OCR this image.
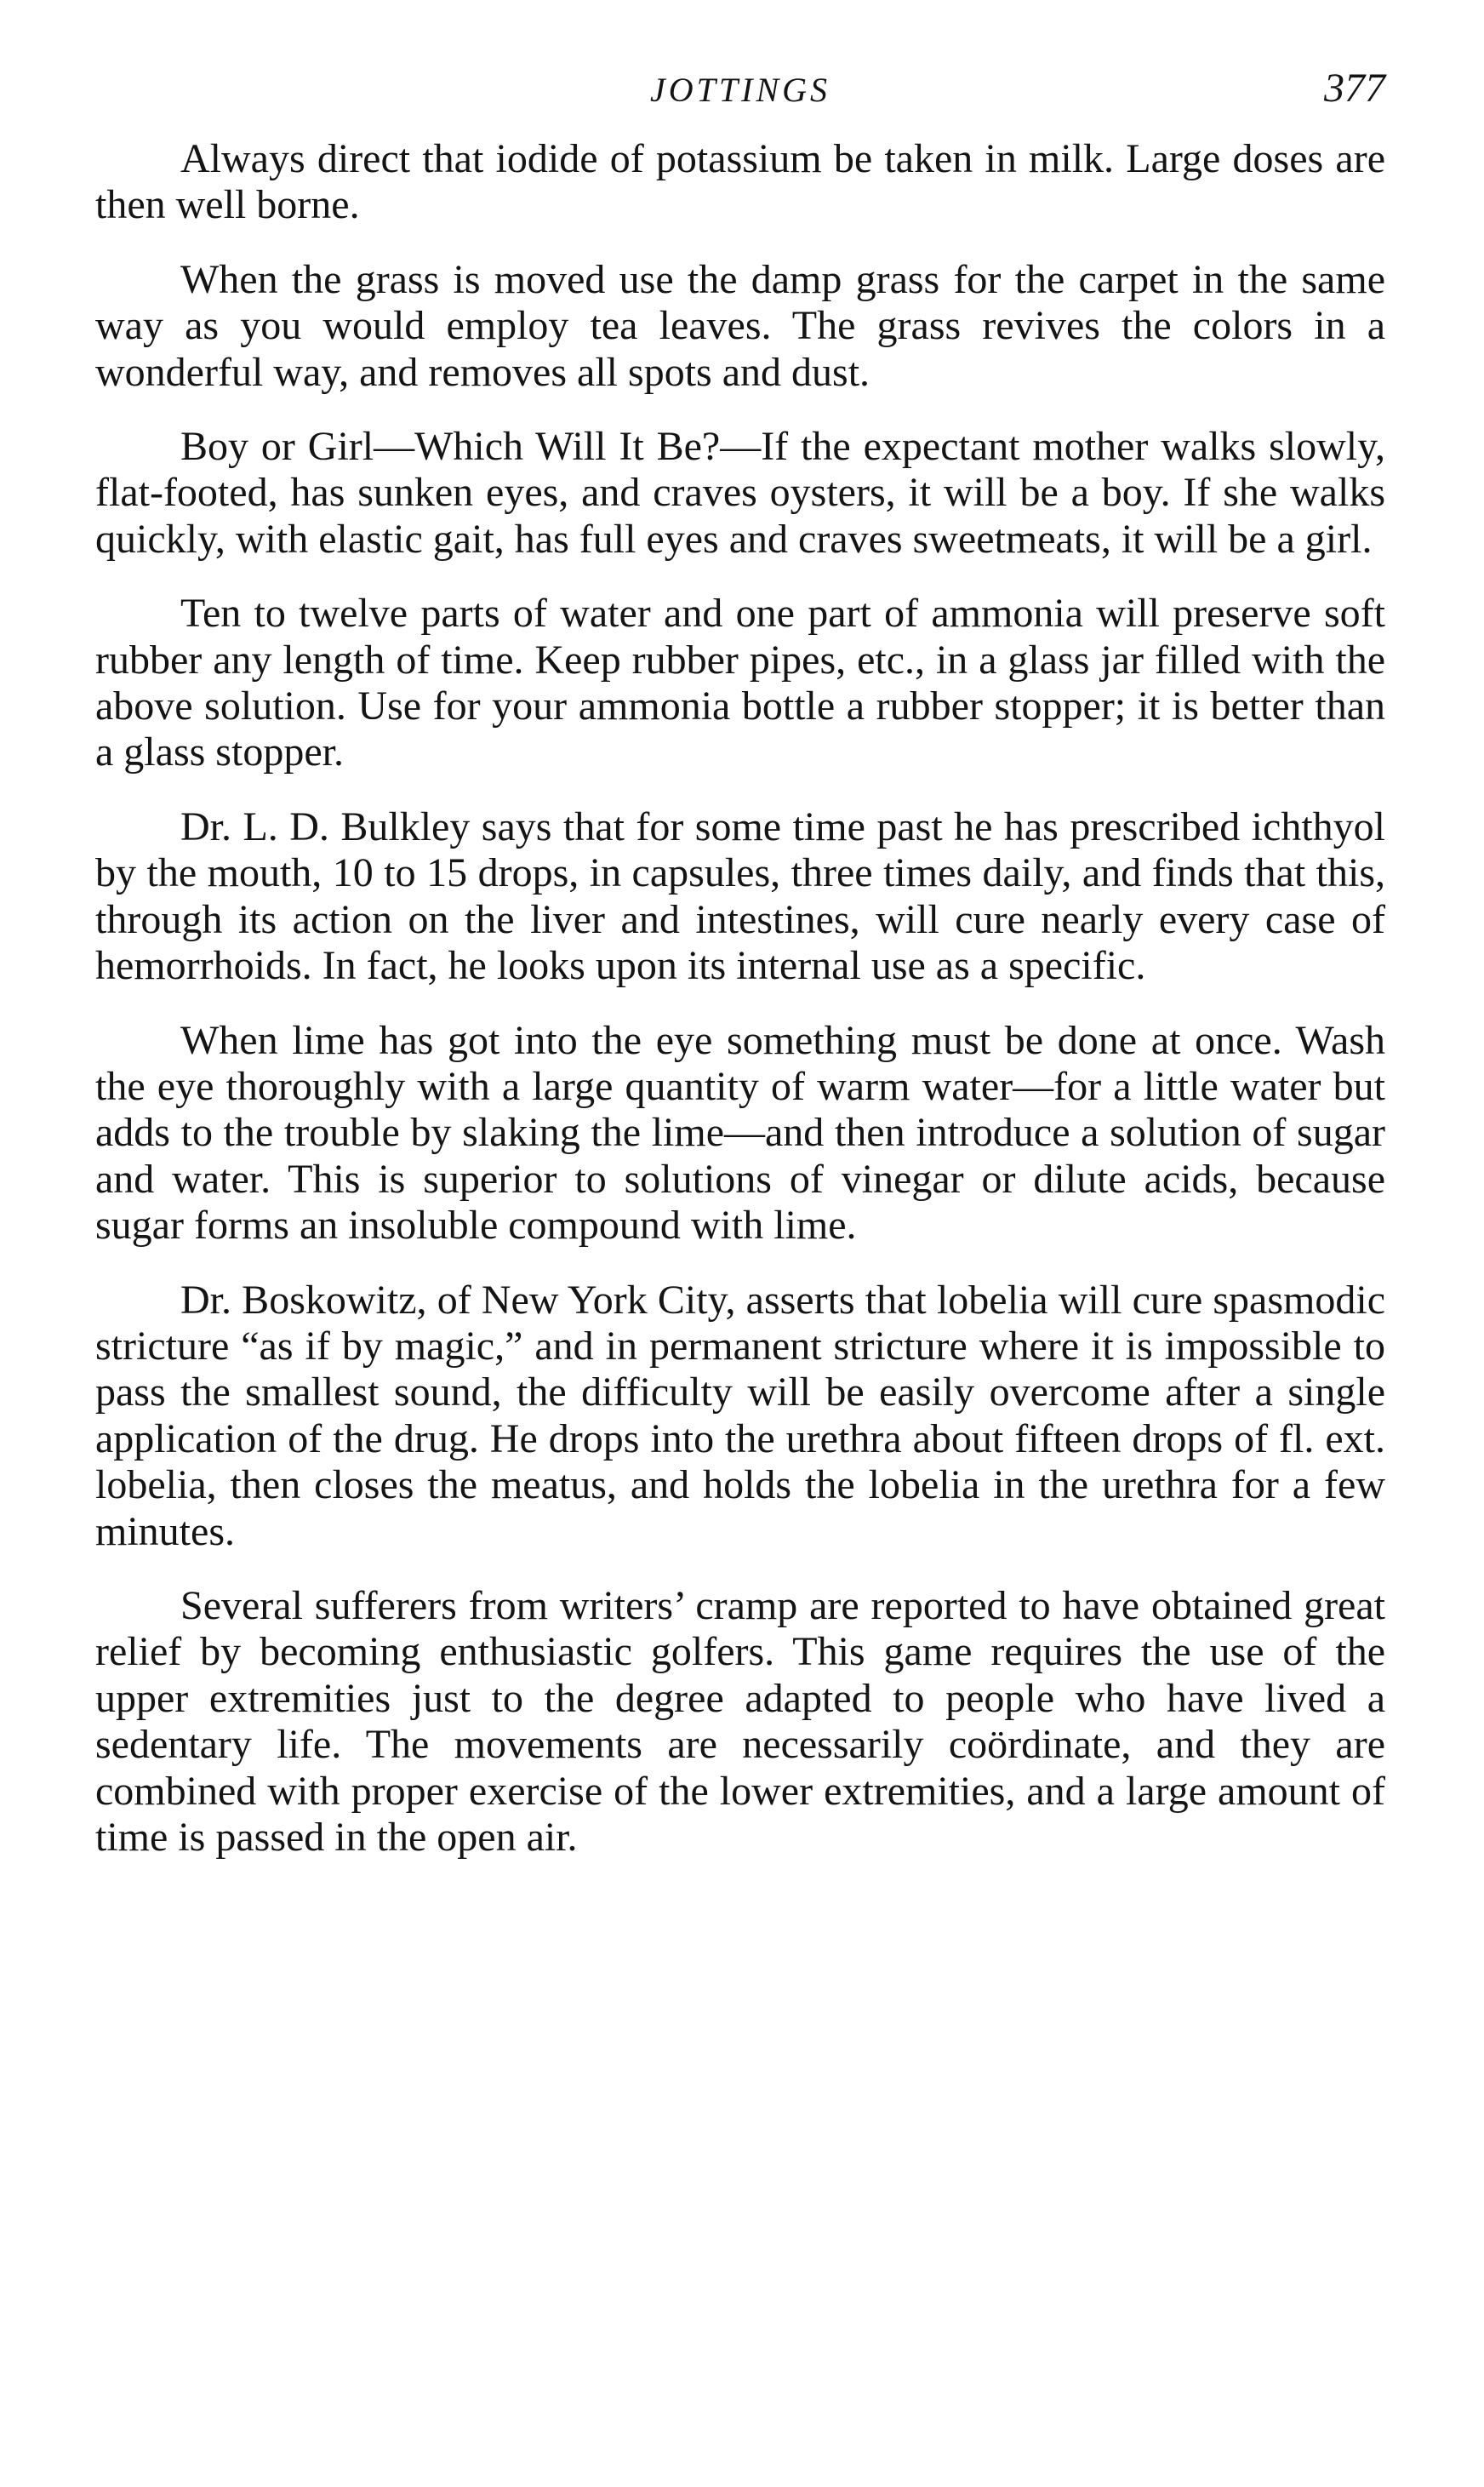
JOTTINGS	377

Always direct that iodide of potassium be taken in milk. Large doses are then well borne.

When the grass is moved use the damp grass for the carpet in the same way as you would employ tea leaves. The grass revives the colors in a wonderful way, and removes all spots and dust.

Boy or Girl—Which Will It Be?—If the expectant mother walks slowly, flat-footed, has sunken eyes, and craves oysters, it will be a boy. If she walks quickly, with elastic gait, has full eyes and craves sweetmeats, it will be a girl.

Ten to twelve parts of water and one part of ammonia will preserve soft rubber any length of time. Keep rubber pipes, etc., in a glass jar filled with the above solution. Use for your ammonia bottle a rubber stopper; it is better than a glass stopper.

Dr. L. D. Bulkley says that for some time past he has prescribed ichthyol by the mouth, 10 to 15 drops, in capsules, three times daily, and finds that this, through its action on the liver and intestines, will cure nearly every case of hemorrhoids. In fact, he looks upon its internal use as a specific.

When lime has got into the eye something must be done at once. Wash the eye thoroughly with a large quantity of warm water—for a little water but adds to the trouble by slaking the lime—and then introduce a solution of sugar and water. This is superior to solutions of vinegar or dilute acids, because sugar forms an insoluble compound with lime.

Dr. Boskowitz, of New York City, asserts that lobelia will cure spasmodic stricture “as if by magic,” and in permanent stricture where it is impossible to pass the smallest sound, the difficulty will be easily overcome after a single application of the drug. He drops into the urethra about fifteen drops of fl. ext. lobelia, then closes the meatus, and holds the lobelia in the urethra for a few minutes.

Several sufferers from writers’ cramp are reported to have obtained great relief by becoming enthusiastic golfers. This game requires the use of the upper extremities just to the degree adapted to people who have lived a sedentary life. The movements are necessarily coördinate, and they are combined with proper exercise of the lower extremities, and a large amount of time is passed in the open air.
